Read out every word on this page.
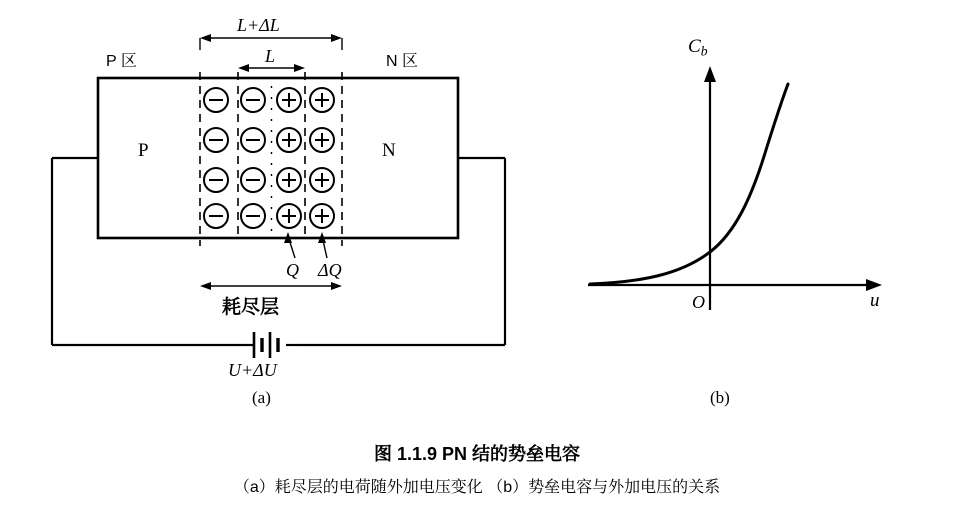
P 区	N 区
P	N
L+ΔL
L
Q ΔQ
耗尽层
U+ΔU
(a)
$C_b$
u
O
(b)
图 1.1.9 PN 结的势垒电容
（a）耗尽层的电荷随外加电压变化 （b）势垒电容与外加电压的关系
